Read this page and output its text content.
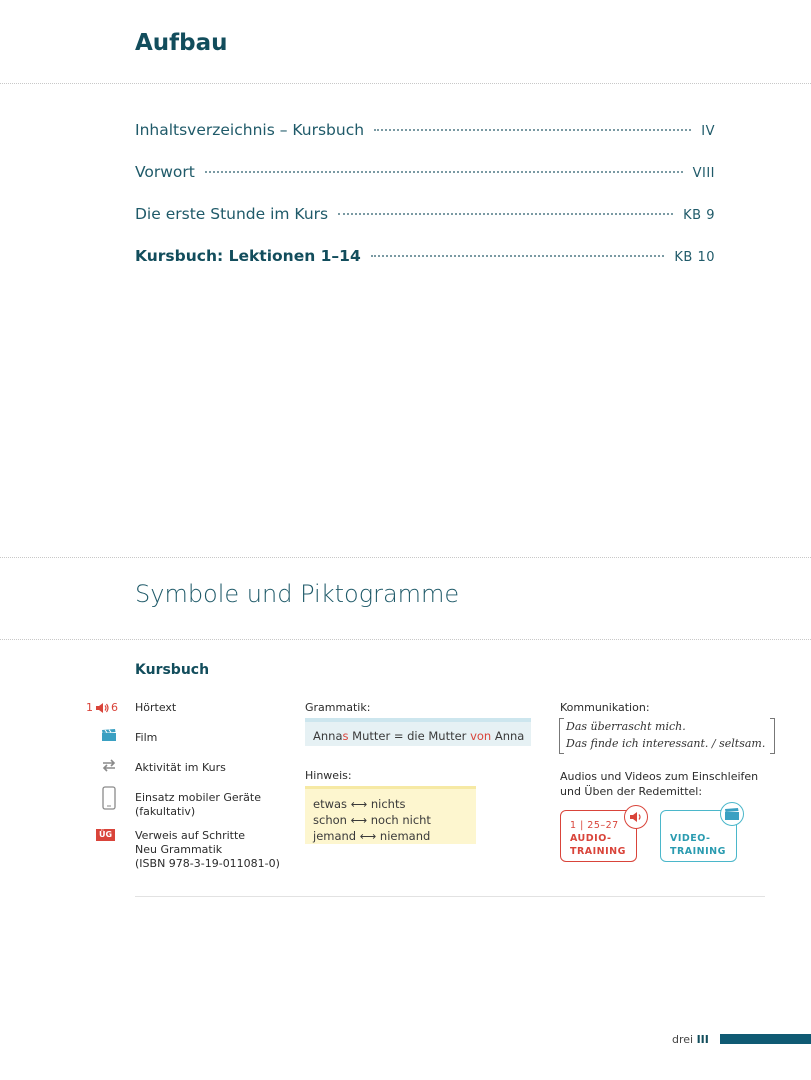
Aufbau
Inhaltsverzeichnis – Kursbuch	IV
Vorwort	VIII
Die erste Stunde im Kurs	KB 9
Kursbuch: Lektionen 1–14	KB 10
Symbole und Piktogramme
Kursbuch
1 6 Hörtext
Film
Aktivität im Kurs
Einsatz mobiler Geräte
(fakultativ)
ÜG Verweis auf Schritte
Neu Grammatik
(ISBN 978-3-19-011081-0)
Grammatik:
Annas Mutter = die Mutter von Anna
Hinweis:
etwas ⟷ nichts
schon ⟷ noch nicht
jemand ⟷ niemand
Kommunikation:
Das überrascht mich.
Das finde ich interessant. / seltsam.
Audios und Videos zum Einschleifen
und Üben der Redemittel:
1 | 25–27
AUDIO-
TRAINING
VIDEO-
TRAINING
drei III
